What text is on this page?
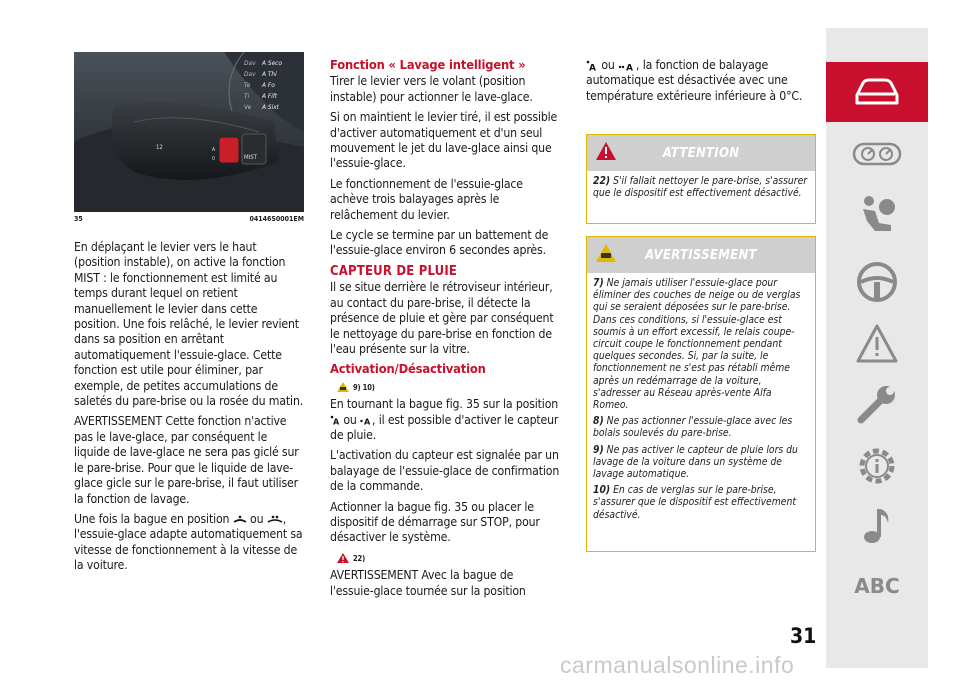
A Seco
A Thi
A Fo
A Fift
A Sixt
Dav
Dav
Te
Ti
Ve
12
MIST
A
0
35	04146S0001EM

En déplaçant le levier vers le haut (position instable), on active la fonction MIST : le fonctionnement est limité au temps durant lequel on retient manuellement le levier dans cette position. Une fois relâché, le levier revient dans sa position en arrêtant automatiquement l'essuie-glace. Cette fonction est utile pour éliminer, par exemple, de petites accumulations de saletés du pare-brise ou la rosée du matin.

AVERTISSEMENT Cette fonction n'active pas le lave-glace, par conséquent le liquide de lave-glace ne sera pas giclé sur le pare-brise. Pour que le liquide de lave-glace gicle sur le pare-brise, il faut utiliser la fonction de lavage.

Une fois la bague en position ou , l'essuie-glace adapte automatiquement sa vitesse de fonctionnement à la vitesse de la voiture.

Fonction « Lavage intelligent »

Tirer le levier vers le volant (position instable) pour actionner le lave-glace.

Si on maintient le levier tiré, il est possible d'activer automatiquement et d'un seul mouvement le jet du lave-glace ainsi que l'essuie-glace.

Le fonctionnement de l'essuie-glace achève trois balayages après le relâchement du levier.

Le cycle se termine par un battement de l'essuie-glace environ 6 secondes après.

CAPTEUR DE PLUIE

Il se situe derrière le rétroviseur intérieur, au contact du pare-brise, il détecte la présence de pluie et gère par conséquent le nettoyage du pare-brise en fonction de l'eau présente sur la vitre.

Activation/Désactivation
9) 10)

En tournant la bague fig. 35 sur la position
A ou A , il est possible d'activer le capteur de pluie.

L'activation du capteur est signalée par un balayage de l'essuie-glace de confirmation de la commande.

Actionner la bague fig. 35 ou placer le dispositif de démarrage sur STOP, pour désactiver le système.

22)

AVERTISSEMENT Avec la bague de l'essuie-glace tournée sur la position

A ou A , la fonction de balayage automatique est désactivée avec une température extérieure inférieure à 0°C.

ATTENTION

22) S'il fallait nettoyer le pare-brise, s'assurer que le dispositif est effectivement désactivé.

AVERTISSEMENT

7) Ne jamais utiliser l'essuie-glace pour éliminer des couches de neige ou de verglas qui se seraient déposées sur le pare-brise. Dans ces conditions, si l'essuie-glace est soumis à un effort excessif, le relais coupe-circuit coupe le fonctionnement pendant quelques secondes. Si, par la suite, le fonctionnement ne s'est pas rétabli même après un redémarrage de la voiture, s'adresser au Réseau après-vente Alfa Romeo.

8) Ne pas actionner l'essuie-glace avec les bolais soulevés du pare-brise.

9) Ne pas activer le capteur de pluie lors du lavage de la voiture dans un système de lavage automatique.

10) En cas de verglas sur le pare-brise, s'assurer que le dispositif est effectivement désactivé.

ABC
31
carmanualsonline.info
